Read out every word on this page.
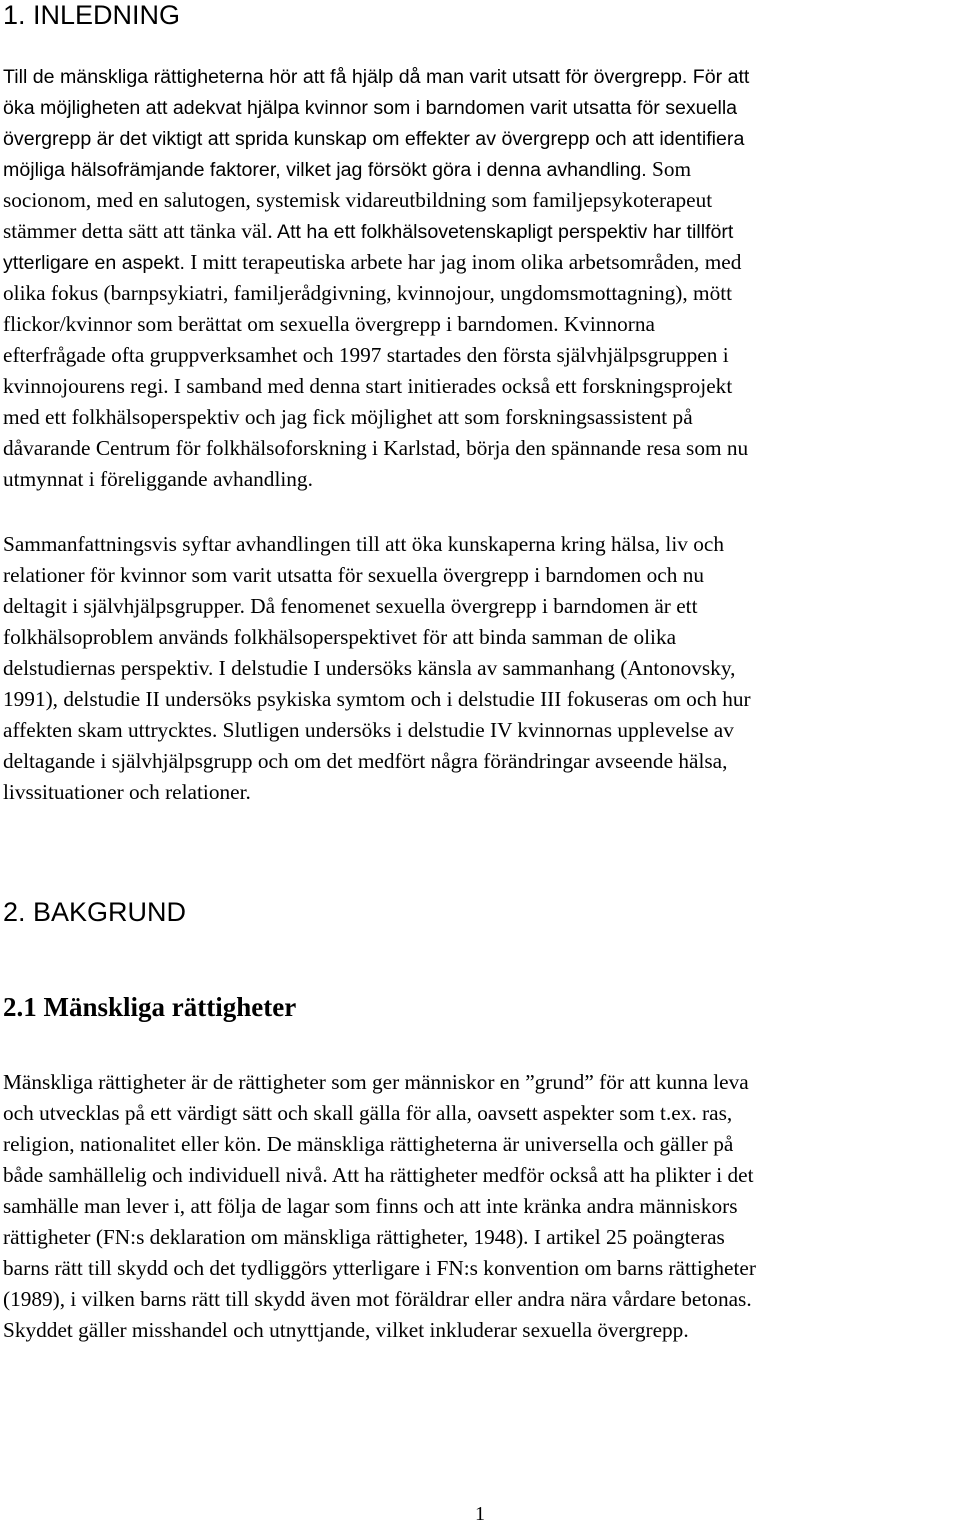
1. INLEDNING
Till de mänskliga rättigheterna hör att få hjälp då man varit utsatt för övergrepp. För att
öka möjligheten att adekvat hjälpa kvinnor som i barndomen varit utsatta för sexuella
övergrepp är det viktigt att sprida kunskap om effekter av övergrepp och att identifiera
möjliga hälsofrämjande faktorer, vilket jag försökt göra i denna avhandling. Som
socionom, med en salutogen, systemisk vidareutbildning som familjepsykoterapeut
stämmer detta sätt att tänka väl. Att ha ett folkhälsovetenskapligt perspektiv har tillfört
ytterligare en aspekt. I mitt terapeutiska arbete har jag inom olika arbetsområden, med
olika fokus (barnpsykiatri, familjerådgivning, kvinnojour, ungdomsmottagning), mött
flickor/kvinnor som berättat om sexuella övergrepp i barndomen. Kvinnorna
efterfrågade ofta gruppverksamhet och 1997 startades den första självhjälpsgruppen i
kvinnojourens regi. I samband med denna start initierades också ett forskningsprojekt
med ett folkhälsoperspektiv och jag fick möjlighet att som forskningsassistent på
dåvarande Centrum för folkhälsoforskning i Karlstad, börja den spännande resa som nu
utmynnat i föreliggande avhandling.
Sammanfattningsvis syftar avhandlingen till att öka kunskaperna kring hälsa, liv och
relationer för kvinnor som varit utsatta för sexuella övergrepp i barndomen och nu
deltagit i självhjälpsgrupper. Då fenomenet sexuella övergrepp i barndomen är ett
folkhälsoproblem används folkhälsoperspektivet för att binda samman de olika
delstudiernas perspektiv. I delstudie I undersöks känsla av sammanhang (Antonovsky,
1991), delstudie II undersöks psykiska symtom och i delstudie III fokuseras om och hur
affekten skam uttrycktes. Slutligen undersöks i delstudie IV kvinnornas upplevelse av
deltagande i självhjälpsgrupp och om det medfört några förändringar avseende hälsa,
livssituationer och relationer.
2. BAKGRUND
2.1 Mänskliga rättigheter
Mänskliga rättigheter är de rättigheter som ger människor en ”grund” för att kunna leva
och utvecklas på ett värdigt sätt och skall gälla för alla, oavsett aspekter som t.ex. ras,
religion, nationalitet eller kön. De mänskliga rättigheterna är universella och gäller på
både samhällelig och individuell nivå. Att ha rättigheter medför också att ha plikter i det
samhälle man lever i, att följa de lagar som finns och att inte kränka andra människors
rättigheter (FN:s deklaration om mänskliga rättigheter, 1948). I artikel 25 poängteras
barns rätt till skydd och det tydliggörs ytterligare i FN:s konvention om barns rättigheter
(1989), i vilken barns rätt till skydd även mot föräldrar eller andra nära vårdare betonas.
Skyddet gäller misshandel och utnyttjande, vilket inkluderar sexuella övergrepp.
1
